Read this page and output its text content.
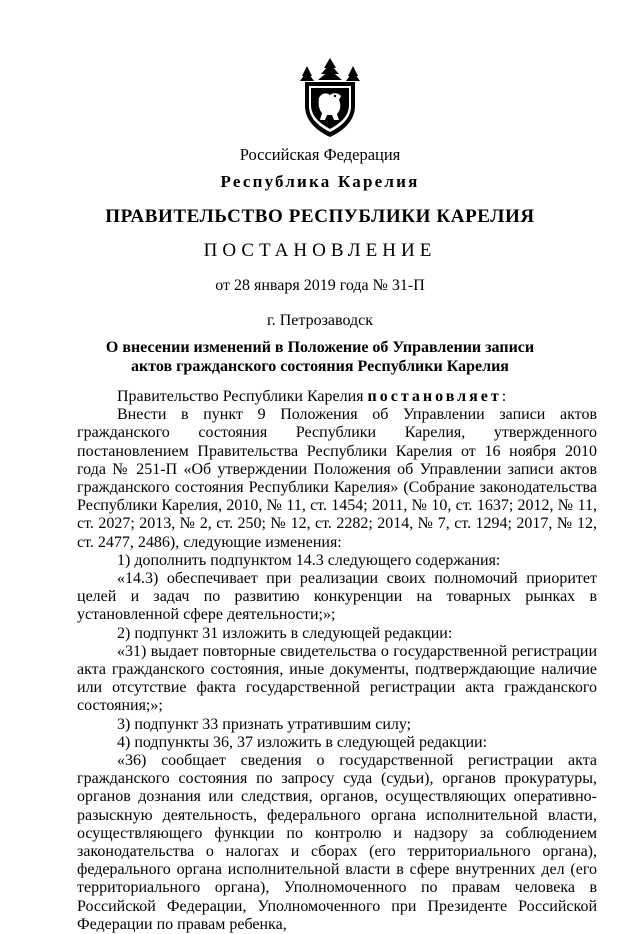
Российская Федерация
Республика Карелия
ПРАВИТЕЛЬСТВО РЕСПУБЛИКИ КАРЕЛИЯ
ПОСТАНОВЛЕНИЕ
от 28 января 2019 года № 31-П
г. Петрозаводск
О внесении изменений в Положение об Управлении записи
актов гражданского состояния Республики Карелия

Правительство Республики Карелия постановляет:

Внести в пункт 9 Положения об Управлении записи актов гражданского состояния Республики Карелия, утвержденного постановлением Правительства Республики Карелия от 16 ноября 2010 года № 251-П «Об утверждении Положения об Управлении записи актов гражданского состояния Республики Карелия» (Собрание законодательства Республики Карелия, 2010, № 11, ст. 1454; 2011, № 10, ст. 1637; 2012, № 11, ст. 2027; 2013, № 2, ст. 250; № 12, ст. 2282; 2014, № 7, ст. 1294; 2017, № 12, ст. 2477, 2486), следующие изменения:

1) дополнить подпунктом 14.3 следующего содержания:

«14.3) обеспечивает при реализации своих полномочий приоритет целей и задач по развитию конкуренции на товарных рынках в установленной сфере деятельности;»;

2) подпункт 31 изложить в следующей редакции:

«31) выдает повторные свидетельства о государственной регистрации акта гражданского состояния, иные документы, подтверждающие наличие или отсутствие факта государственной регистрации акта гражданского состояния;»;

3) подпункт 33 признать утратившим силу;

4) подпункты 36, 37 изложить в следующей редакции:

«36) сообщает сведения о государственной регистрации акта гражданского состояния по запросу суда (судьи), органов прокуратуры, органов дознания или следствия, органов, осуществляющих оперативно-разыскную деятельность, федерального органа исполнительной власти, осуществляющего функции по контролю и надзору за соблюдением законодательства о налогах и сборах (его территориального органа), федерального органа исполнительной власти в сфере внутренних дел (его территориального органа), Уполномоченного по правам человека в Российской Федерации, Уполномоченного при Президенте Российской Федерации по правам ребенка,
